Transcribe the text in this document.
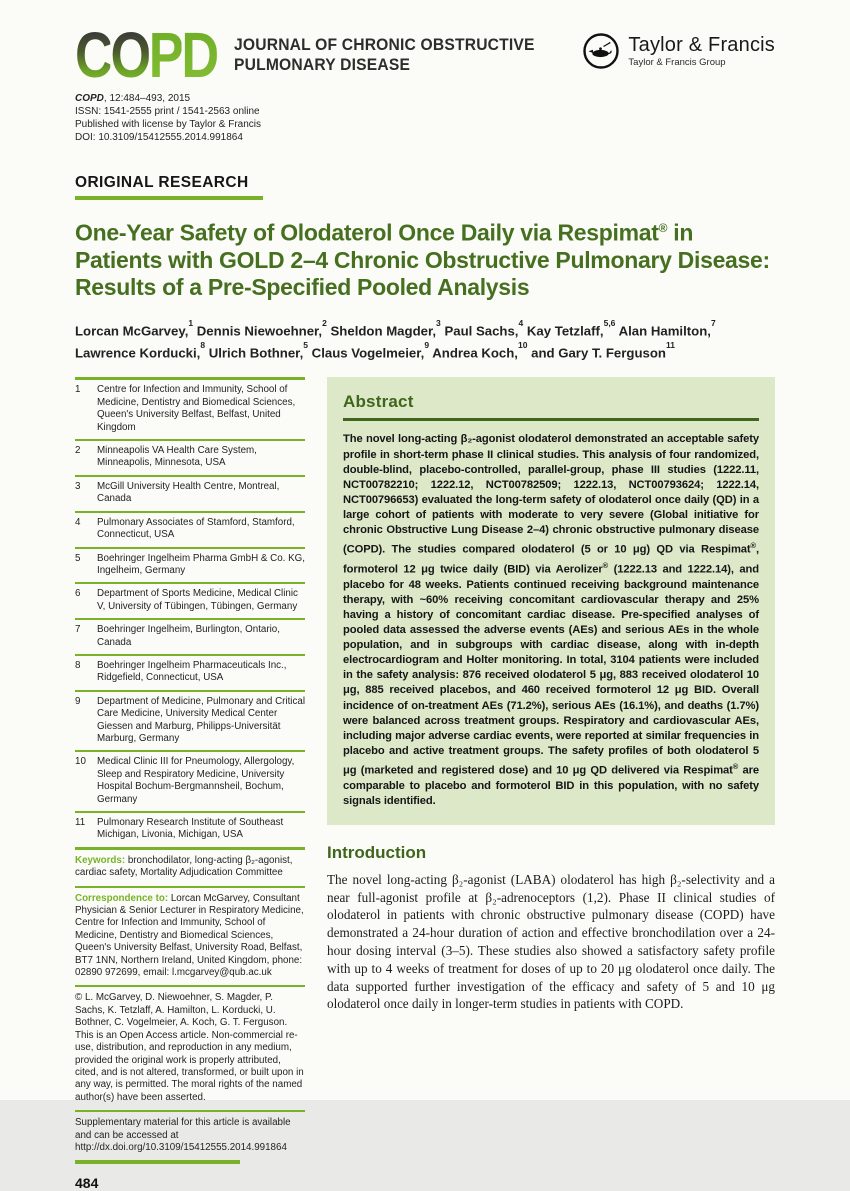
COPD JOURNAL OF CHRONIC OBSTRUCTIVE
PULMONARY DISEASE
Taylor & Francis
Taylor & Francis Group
COPD, 12:484–493, 2015
ISSN: 1541-2555 print / 1541-2563 online
Published with license by Taylor & Francis
DOI: 10.3109/15412555.2014.991864
ORIGINAL RESEARCH
One-Year Safety of Olodaterol Once Daily via Respimat® in Patients with GOLD 2–4 Chronic Obstructive Pulmonary Disease: Results of a Pre-Specified Pooled Analysis
Lorcan McGarvey,$^1$ Dennis Niewoehner,$^2$ Sheldon Magder,$^3$ Paul Sachs,$^4$ Kay Tetzlaff,$^{5,6}$ Alan Hamilton,$^7$ Lawrence Korducki,$^8$ Ulrich Bothner,$^5$ Claus Vogelmeier,$^9$ Andrea Koch,$^{10}$ and Gary T. Ferguson$^{11}$
1	Centre for Infection and Immunity, School of Medicine, Dentistry and Biomedical Sciences, Queen's University Belfast, Belfast, United Kingdom
2	Minneapolis VA Health Care System, Minneapolis, Minnesota, USA
3	McGill University Health Centre, Montreal, Canada
4	Pulmonary Associates of Stamford, Stamford, Connecticut, USA
5	Boehringer Ingelheim Pharma GmbH & Co. KG, Ingelheim, Germany
6	Department of Sports Medicine, Medical Clinic V, University of Tübingen, Tübingen, Germany
7	Boehringer Ingelheim, Burlington, Ontario, Canada
8	Boehringer Ingelheim Pharmaceuticals Inc., Ridgefield, Connecticut, USA
9	Department of Medicine, Pulmonary and Critical Care Medicine, University Medical Center Giessen and Marburg, Philipps-Universität Marburg, Germany
10	Medical Clinic III for Pneumology, Allergology, Sleep and Respiratory Medicine, University Hospital Bochum-Bergmannsheil, Bochum, Germany
11	Pulmonary Research Institute of Southeast Michigan, Livonia, Michigan, USA
Keywords: bronchodilator, long-acting β₂-agonist, cardiac safety, Mortality Adjudication Committee
Correspondence to: Lorcan McGarvey, Consultant Physician & Senior Lecturer in Respiratory Medicine, Centre for Infection and Immunity, School of Medicine, Dentistry and Biomedical Sciences, Queen's University Belfast, University Road, Belfast, BT7 1NN, Northern Ireland, United Kingdom, phone: 02890 972699, email: l.mcgarvey@qub.ac.uk
© L. McGarvey, D. Niewoehner, S. Magder, P. Sachs, K. Tetzlaff, A. Hamilton, L. Korducki, U. Bothner, C. Vogelmeier, A. Koch, G. T. Ferguson. This is an Open Access article. Non-commercial re-use, distribution, and reproduction in any medium, provided the original work is properly attributed, cited, and is not altered, transformed, or built upon in any way, is permitted. The moral rights of the named author(s) have been asserted.
Supplementary material for this article is available and can be accessed at http://dx.doi.org/10.3109/15412555.2014.991864
484
Abstract
The novel long-acting β₂-agonist olodaterol demonstrated an acceptable safety profile in short-term phase II clinical studies. This analysis of four randomized, double-blind, placebo-controlled, parallel-group, phase III studies (1222.11, NCT00782210; 1222.12, NCT00782509; 1222.13, NCT00793624; 1222.14, NCT00796653) evaluated the long-term safety of olodaterol once daily (QD) in a large cohort of patients with moderate to very severe (Global initiative for chronic Obstructive Lung Disease 2–4) chronic obstructive pulmonary disease (COPD). The studies compared olodaterol (5 or 10 μg) QD via Respimat®, formoterol 12 μg twice daily (BID) via Aerolizer® (1222.13 and 1222.14), and placebo for 48 weeks. Patients continued receiving background maintenance therapy, with ~60% receiving concomitant cardiovascular therapy and 25% having a history of concomitant cardiac disease. Pre-specified analyses of pooled data assessed the adverse events (AEs) and serious AEs in the whole population, and in subgroups with cardiac disease, along with in-depth electrocardiogram and Holter monitoring. In total, 3104 patients were included in the safety analysis: 876 received olodaterol 5 μg, 883 received olodaterol 10 μg, 885 received placebos, and 460 received formoterol 12 μg BID. Overall incidence of on-treatment AEs (71.2%), serious AEs (16.1%), and deaths (1.7%) were balanced across treatment groups. Respiratory and cardiovascular AEs, including major adverse cardiac events, were reported at similar frequencies in placebo and active treatment groups. The safety profiles of both olodaterol 5 μg (marketed and registered dose) and 10 μg QD delivered via Respimat® are comparable to placebo and formoterol BID in this population, with no safety signals identified.
Introduction

The novel long-acting β₂-agonist (LABA) olodaterol has high β₂-selectivity and a near full-agonist profile at β₂-adrenoceptors (1,2). Phase II clinical studies of olodaterol in patients with chronic obstructive pulmonary disease (COPD) have demonstrated a 24-hour duration of action and effective bronchodilation over a 24-hour dosing interval (3–5). These studies also showed a satisfactory safety profile with up to 4 weeks of treatment for doses of up to 20 μg olodaterol once daily. The data supported further investigation of the efficacy and safety of 5 and 10 μg olodaterol once daily in longer-term studies in patients with COPD.
